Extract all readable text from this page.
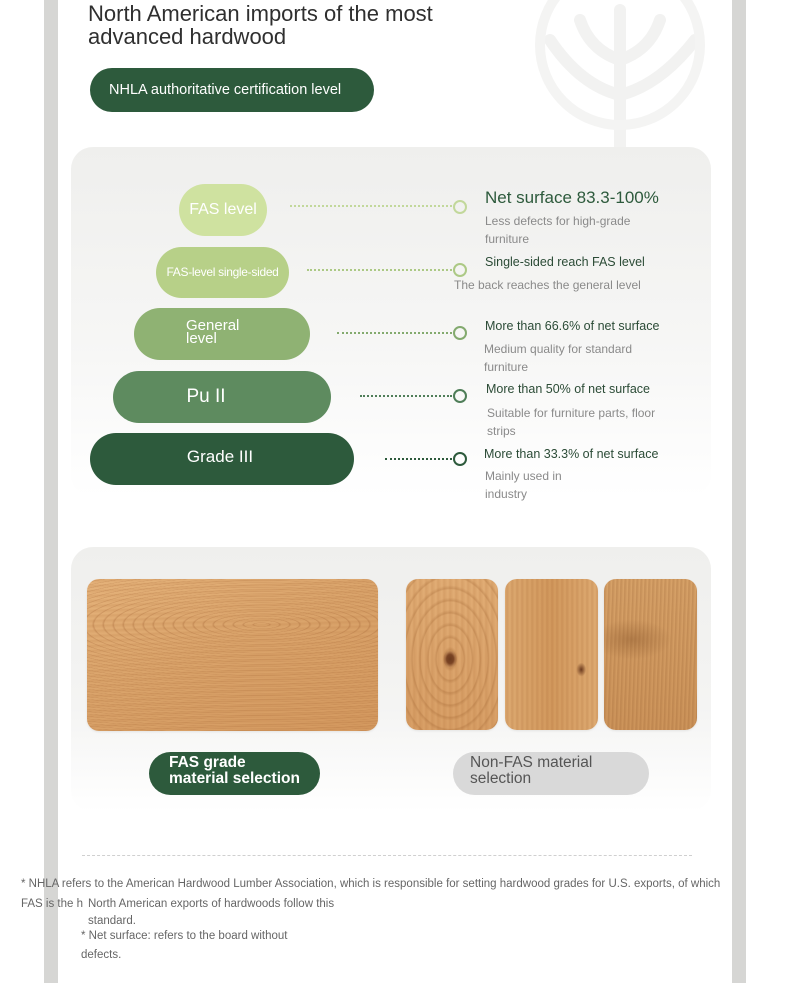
North American imports of the most
advanced hardwood
NHLA authoritative certification level
FAS level
FAS-level single-sided
General
level
Pu II
Grade III
Net surface 83.3-100%
Less defects for high-grade furniture
Single-sided reach FAS level
The back reaches the general level
More than 66.6% of net surface
Medium quality for standard furniture
More than 50% of net surface
Suitable for furniture parts, floor strips
More than 33.3% of net surface
Mainly used in industry
FAS grade
material selection
Non-FAS material
selection
* NHLA refers to the American Hardwood Lumber Association, which is responsible for setting hardwood grades for U.S. exports, of which
FAS is the h North American exports of hardwoods follow this standard.
* Net surface: refers to the board without defects.
